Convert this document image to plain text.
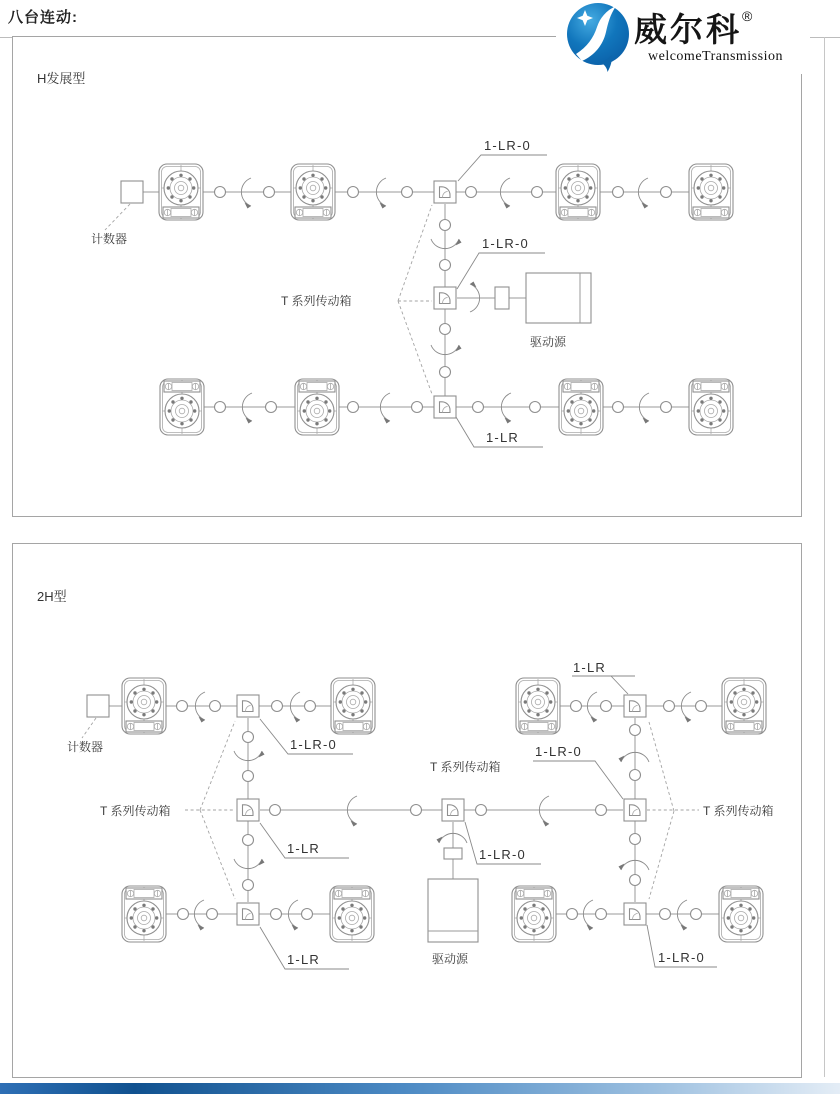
八台连动:	威尔科®
welcomeTransmission
H发展型
计数器
1-LR-0
1-LR-0
1-LR
T 系列传动箱
驱动源
2H型
计数器	1-LR-0
1-LR
1-LR
1-LR
1-LR-0
1-LR-0
1-LR-0
T 系列传动箱
T 系列传动箱
T 系列传动箱
驱动源
